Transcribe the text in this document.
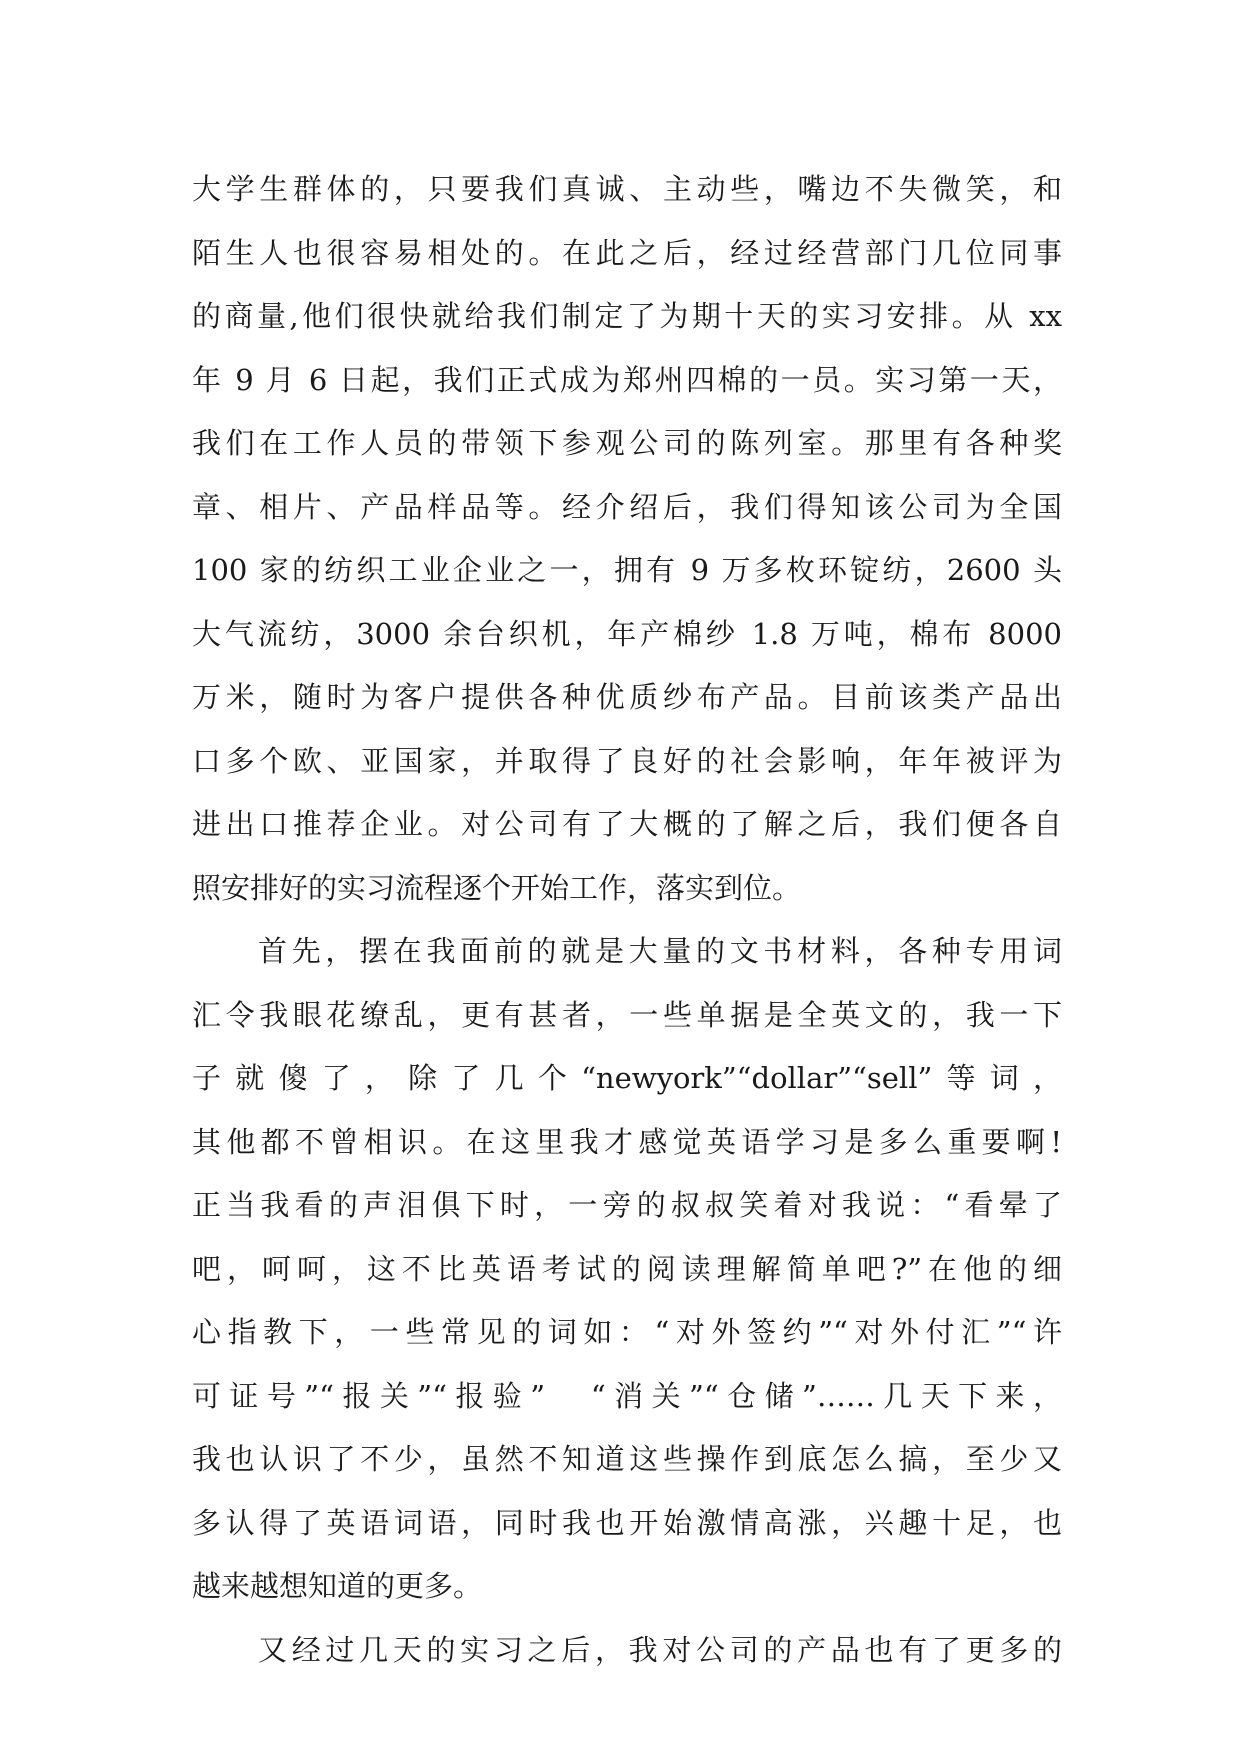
大学生群体的，只要我们真诚、主动些，嘴边不失微笑，和
陌生人也很容易相处的。在此之后，经过经营部门几位同事
的商量,他们很快就给我们制定了为期十天的实习安排。从 xx
年 9 月 6 日起，我们正式成为郑州四棉的一员。实习第一天，
我们在工作人员的带领下参观公司的陈列室。那里有各种奖
章、相片、产品样品等。经介绍后，我们得知该公司为全国
100 家的纺织工业企业之一，拥有 9 万多枚环锭纺，2600 头
大气流纺，3000 余台织机，年产棉纱 1.8 万吨，棉布 8000
万米，随时为客户提供各种优质纱布产品。目前该类产品出
口多个欧、亚国家，并取得了良好的社会影响，年年被评为
进出口推荐企业。对公司有了大概的了解之后，我们便各自
照安排好的实习流程逐个开始工作，落实到位。
首先，摆在我面前的就是大量的文书材料，各种专用词
汇令我眼花缭乱，更有甚者，一些单据是全英文的，我一下
子就傻了，除了几个“newyork”“dollar”“sell”等词，
其他都不曾相识。在这里我才感觉英语学习是多么重要啊!
正当我看的声泪俱下时，一旁的叔叔笑着对我说：“看晕了
吧，呵呵，这不比英语考试的阅读理解简单吧?”在他的细
心指教下，一些常见的词如：“对外签约”“对外付汇”“许
可证号”“报关”“报验”　“消关”“仓储”……几天下来，
我也认识了不少，虽然不知道这些操作到底怎么搞，至少又
多认得了英语词语，同时我也开始激情高涨，兴趣十足，也
越来越想知道的更多。
又经过几天的实习之后，我对公司的产品也有了更多的
